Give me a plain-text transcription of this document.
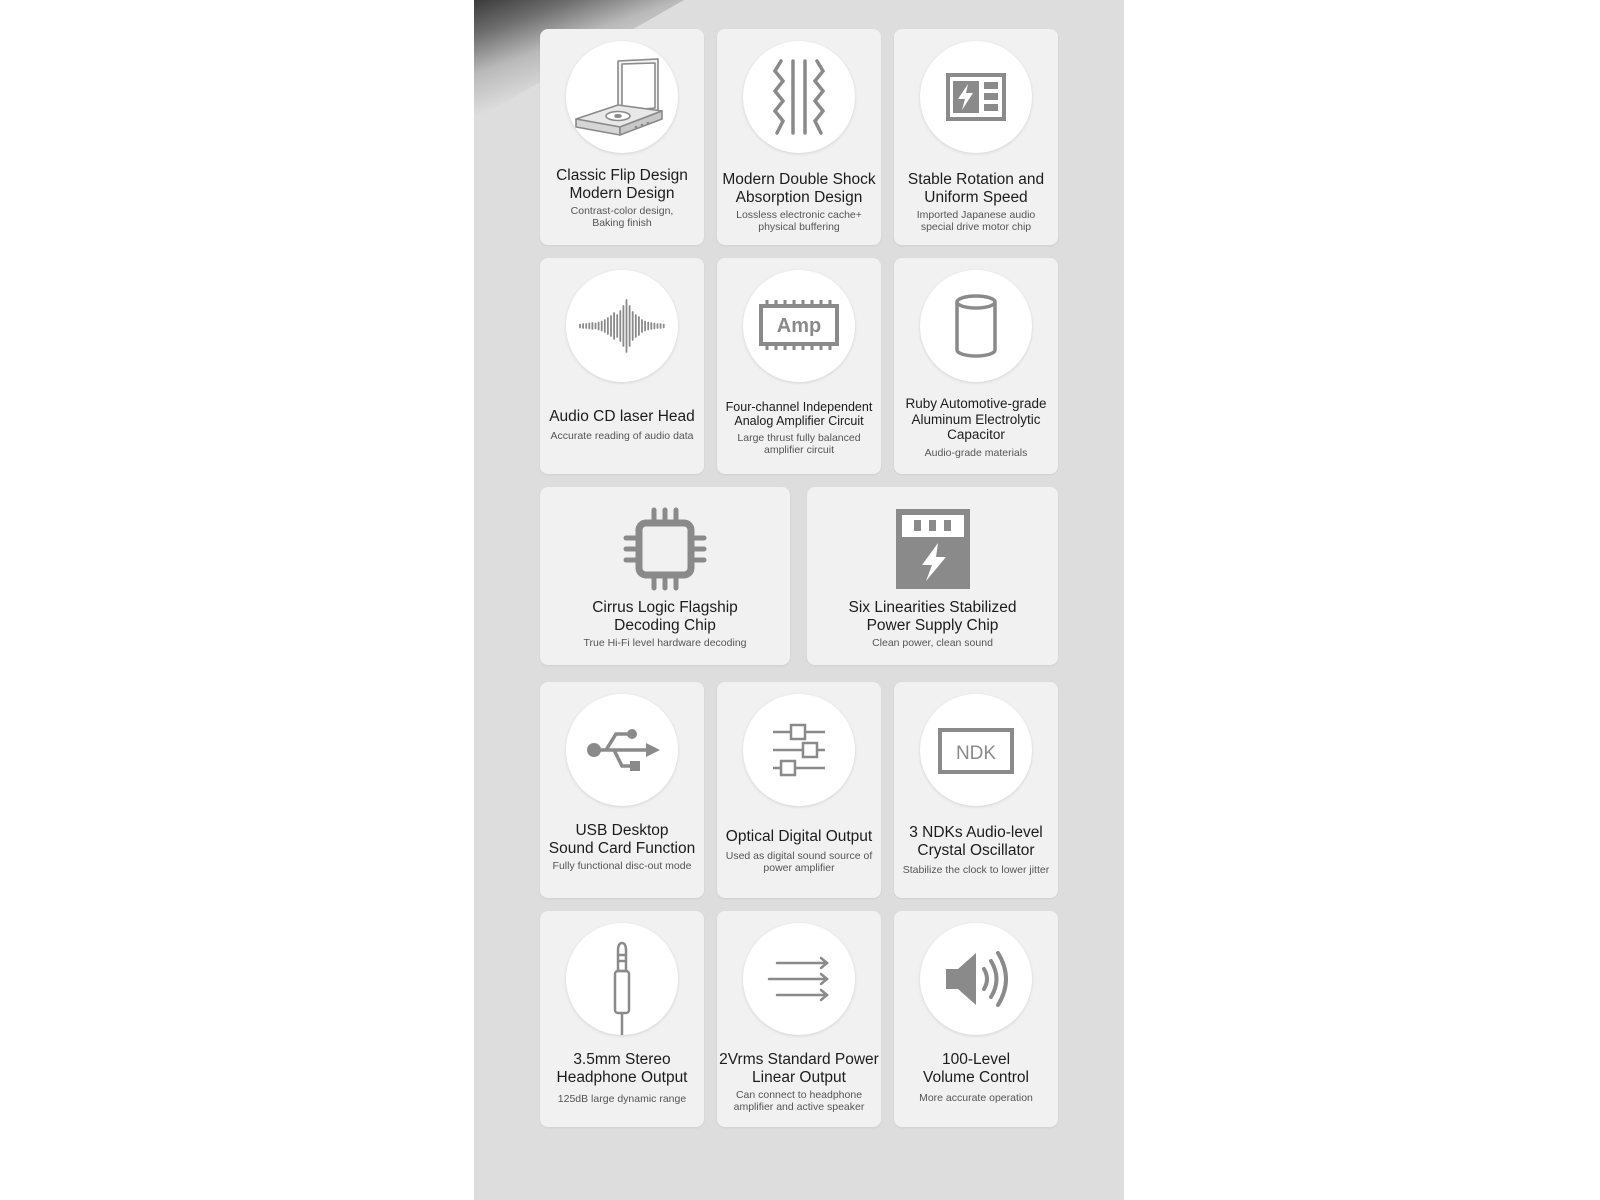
Classic Flip Design
Modern Design
Contrast-color design,
Baking finish
Modern Double Shock
Absorption Design
Lossless electronic cache+
physical buffering
Stable Rotation and
Uniform Speed
Imported Japanese audio
special drive motor chip
Audio CD laser Head
Accurate reading of audio data
Amp
Four-channel Independent
Analog Amplifier Circuit
Large thrust fully balanced
amplifier circuit
Ruby Automotive-grade
Aluminum Electrolytic
Capacitor
Audio-grade materials
Cirrus Logic Flagship
Decoding Chip
True Hi-Fi level hardware decoding
Six Linearities Stabilized
Power Supply Chip
Clean power, clean sound
USB Desktop
Sound Card Function
Fully functional disc-out mode
Optical Digital Output
Used as digital sound source of
power amplifier
NDK
3 NDKs Audio-level
Crystal Oscillator
Stabilize the clock to lower jitter
3.5mm Stereo
Headphone Output
125dB large dynamic range
2Vrms Standard Power
Linear Output
Can connect to headphone
amplifier and active speaker
100-Level
Volume Control
More accurate operation
